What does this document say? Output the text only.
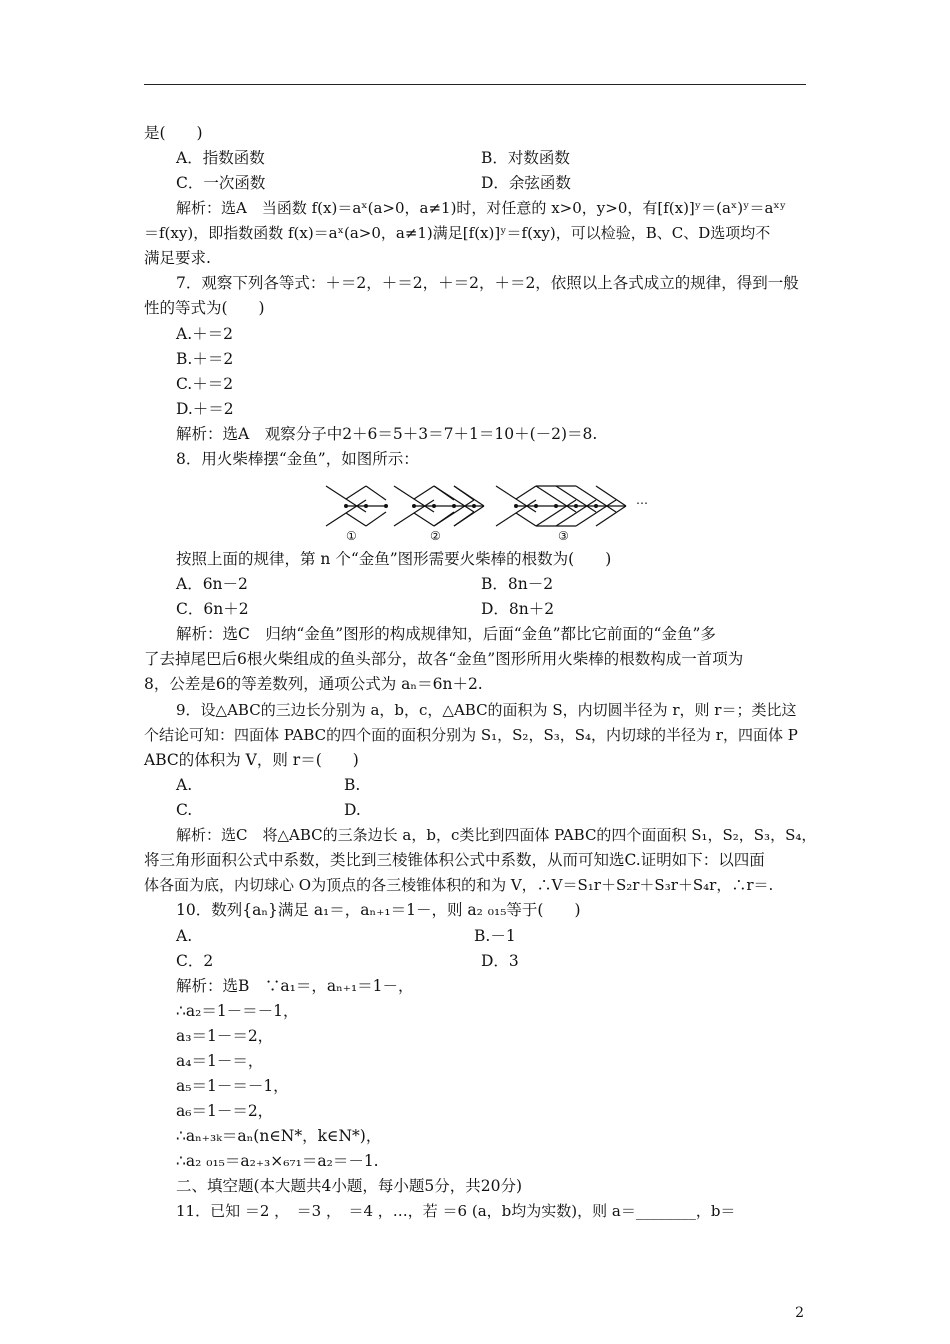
是(　　)
A．指数函数	B．对数函数
C．一次函数	D．余弦函数
解析：选A　当函数 f(x)＝aˣ(a>0，a≠1)时，对任意的 x>0，y>0，有[f(x)]ʸ＝(aˣ)ʸ＝aˣʸ
＝f(xy)，即指数函数 f(x)＝aˣ(a>0，a≠1)满足[f(x)]ʸ＝f(xy)，可以检验，B、C、D选项均不
满足要求.
7．观察下列各等式：＋＝2，＋＝2，＋＝2，＋＝2，依照以上各式成立的规律，得到一般
性的等式为(　　)
A.＋＝2
B.＋＝2
C.＋＝2
D.＋＝2
解析：选A　观察分子中2＋6＝5＋3＝7＋1＝10＋(－2)＝8.
8．用火柴棒摆“金鱼”，如图所示：
①	②	③
…
按照上面的规律，第 n 个“金鱼”图形需要火柴棒的根数为(　　)
A．6n－2	B．8n－2
C．6n＋2	D．8n＋2
解析：选C　归纳“金鱼”图形的构成规律知，后面“金鱼”都比它前面的“金鱼”多
了去掉尾巴后6根火柴组成的鱼头部分，故各“金鱼”图形所用火柴棒的根数构成一首项为
8，公差是6的等差数列，通项公式为 aₙ＝6n＋2.
9．设△ABC的三边长分别为 a，b，c，△ABC的面积为 S，内切圆半径为 r，则 r＝；类比这
个结论可知：四面体 PABC的四个面的面积分别为 S₁，S₂，S₃，S₄，内切球的半径为 r，四面体 P
ABC的体积为 V，则 r＝(　　)
A.	B.
C.	D.
解析：选C　将△ABC的三条边长 a，b，c类比到四面体 PABC的四个面面积 S₁，S₂，S₃，S₄，
将三角形面积公式中系数，类比到三棱锥体积公式中系数，从而可知选C.证明如下：以四面
体各面为底，内切球心 O为顶点的各三棱锥体积的和为 V，∴V＝S₁r＋S₂r＋S₃r＋S₄r，∴r＝.
10．数列{aₙ}满足 a₁＝，aₙ₊₁＝1－，则 a₂ ₀₁₅等于(　　)
A.	B.－1
C．2	D．3
解析：选B　∵a₁＝，aₙ₊₁＝1－，
∴a₂＝1－＝－1，
a₃＝1－＝2，
a₄＝1－＝，
a₅＝1－＝－1，
a₆＝1－＝2，
∴aₙ₊₃ₖ＝aₙ(n∈N*，k∈N*)，
∴a₂ ₀₁₅＝a₂₊₃×₆₇₁＝a₂＝－1.
二、填空题(本大题共4小题，每小题5分，共20分)
11．已知 ＝2 ，　＝3 ，　＝4 ，…，若 ＝6 (a，b均为实数)，则 a＝________，b＝
2
